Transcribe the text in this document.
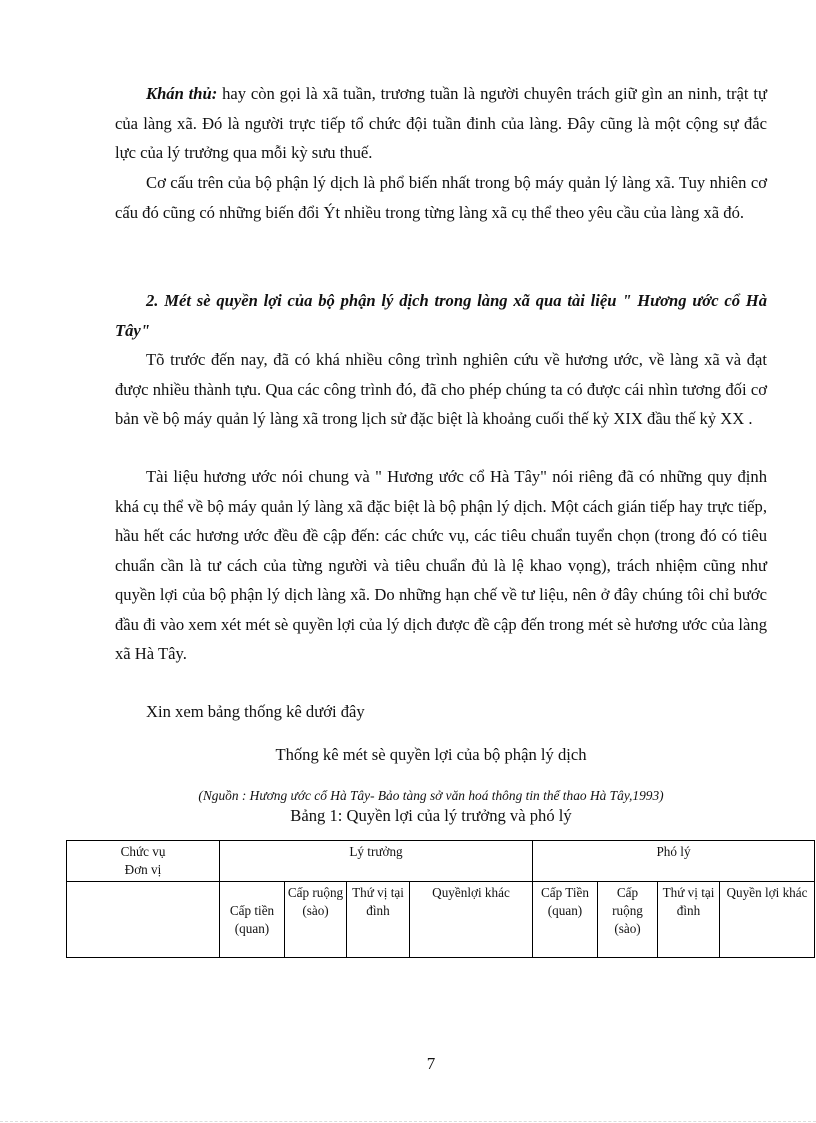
Khán thủ: hay còn gọi là xã tuần, trương tuần là người chuyên trách giữ gìn an ninh, trật tự của làng xã. Đó là người trực tiếp tổ chức đội tuần đinh của làng. Đây cũng là một cộng sự đắc lực của lý trưởng qua mỗi kỳ sưu thuế.

Cơ cấu trên của bộ phận lý dịch là phổ biến nhất trong bộ máy quản lý làng xã. Tuy nhiên cơ cấu đó cũng có những biến đổi Ýt nhiều trong từng làng xã cụ thể theo yêu cầu của làng xã đó.

2. Mét sè quyền lợi của bộ phận lý dịch trong làng xã qua tài liệu " Hương ước cổ Hà Tây"

Tõ trước đến nay, đã có khá nhiều công trình nghiên cứu về hương ước, về làng xã và đạt được nhiều thành tựu. Qua các công trình đó, đã cho phép chúng ta có được cái nhìn tương đối cơ bản về bộ máy quản lý làng xã trong lịch sử đặc biệt là khoảng cuối thế kỷ XIX đầu thế kỷ XX .

Tài liệu hương ước nói chung và " Hương ước cổ Hà Tây" nói riêng đã có những quy định khá cụ thể về bộ máy quản lý làng xã đặc biệt là bộ phận lý dịch. Một cách gián tiếp hay trực tiếp, hầu hết các hương ước đều đề cập đến: các chức vụ, các tiêu chuẩn tuyển chọn (trong đó có tiêu chuẩn cần là tư cách của từng người và tiêu chuẩn đủ là lệ khao vọng), trách nhiệm cũng như quyền lợi của bộ phận lý dịch làng xã. Do những hạn chế về tư liệu, nên ở đây chúng tôi chỉ bước đầu đi vào xem xét mét sè quyền lợi của lý dịch được đề cập đến trong mét sè hương ước của làng xã Hà Tây.

Xin xem bảng thống kê dưới đây

Thống kê mét sè quyền lợi của bộ phận lý dịch

(Nguồn : Hương ước cổ Hà Tây- Bảo tàng sở văn hoá thông tin thể thao Hà Tây,1993)

Bảng 1: Quyền lợi của lý trưởng và phó lý

Chức vụ
Đơn vị	Lý trưởng				Phó lý			
	Cấp tiền (quan)	Cấp ruộng (sào)	Thứ vị tại đình	Quyềnlợi khác	Cấp Tiền (quan)	Cấp ruộng (sào)	Thứ vị tại đình	Quyền lợi khác

7
